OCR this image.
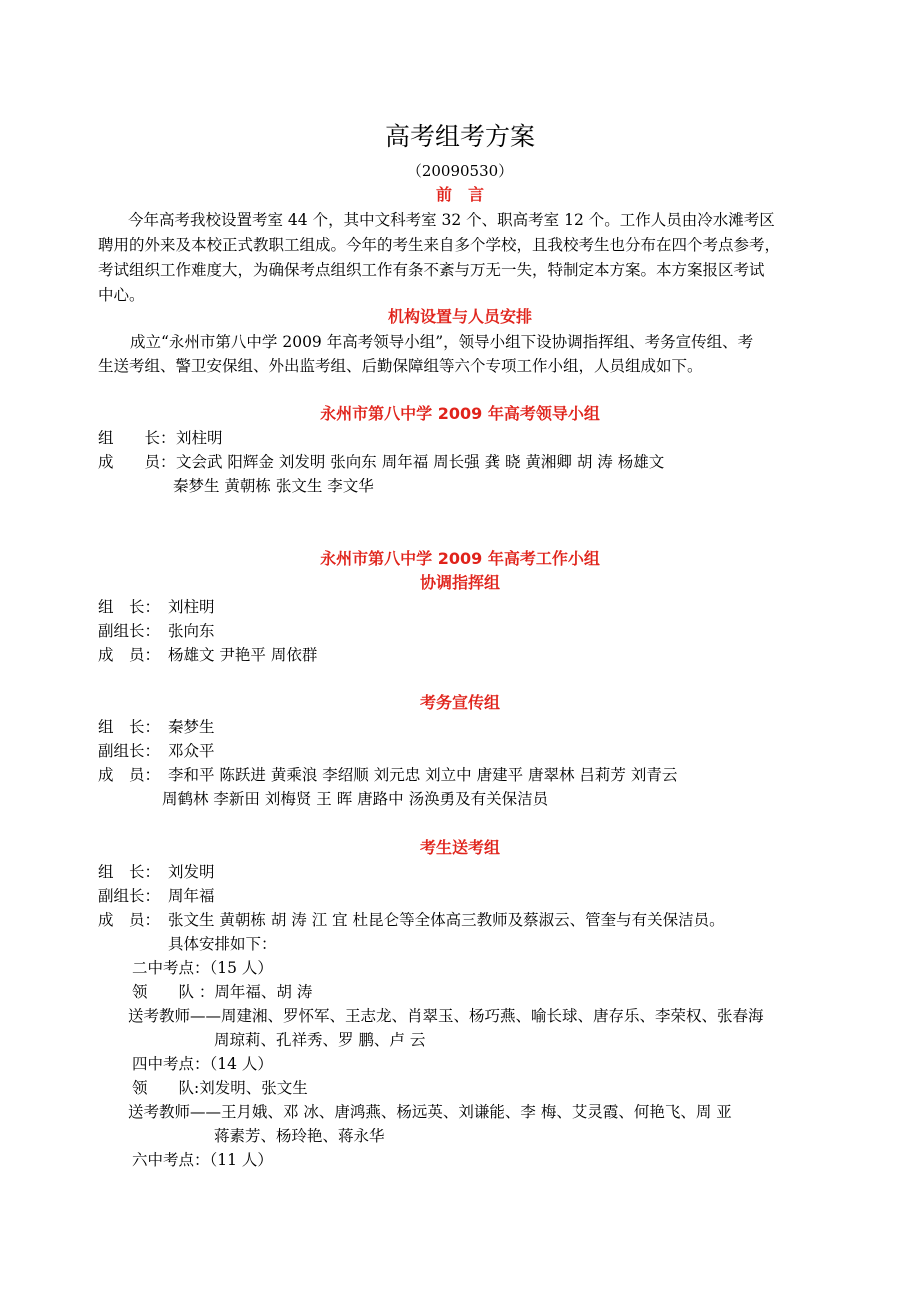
高考组考方案
（20090530）
前　言
今年高考我校设置考室 44 个，其中文科考室 32 个、职高考室 12 个。工作人员由冷水滩考区
聘用的外来及本校正式教职工组成。今年的考生来自多个学校，且我校考生也分布在四个考点参考，
考试组织工作难度大，为确保考点组织工作有条不紊与万无一失，特制定本方案。本方案报区考试
中心。
机构设置与人员安排
成立“永州市第八中学 2009 年高考领导小组”，领导小组下设协调指挥组、考务宣传组、考
生送考组、警卫安保组、外出监考组、后勤保障组等六个专项工作小组，人员组成如下。
永州市第八中学 2009 年高考领导小组
组　　长：刘柱明
成　　员：文会武 阳辉金 刘发明 张向东 周年福 周长强 龚 晓 黄湘卿 胡 涛 杨雄文
秦梦生 黄朝栋 张文生 李文华
永州市第八中学 2009 年高考工作小组
协调指挥组
组　长： 刘柱明
副组长： 张向东
成　员： 杨雄文 尹艳平 周依群
考务宣传组
组　长： 秦梦生
副组长： 邓众平
成　员： 李和平 陈跃进 黄乘浪 李绍顺 刘元忠 刘立中 唐建平 唐翠林 吕莉芳 刘青云
周鹤林 李新田 刘梅贤 王 晖 唐路中 汤涣勇及有关保洁员
考生送考组
组　长： 刘发明
副组长： 周年福
成　员： 张文生 黄朝栋 胡 涛 江 宜 杜昆仑等全体高三教师及蔡淑云、管奎与有关保洁员。
具体安排如下：
二中考点：（15 人）
领　　队 ：周年福、胡 涛
送考教师——周建湘、罗怀军、王志龙、肖翠玉、杨巧燕、喻长球、唐存乐、李荣权、张春海
周琼莉、孔祥秀、罗 鹏、卢 云
四中考点：（14 人）
领　　队:刘发明、张文生
送考教师——王月娥、邓 冰、唐鸿燕、杨远英、刘谦能、李 梅、艾灵霞、何艳飞、周 亚
蒋素芳、杨玲艳、蒋永华
六中考点：（11 人）
